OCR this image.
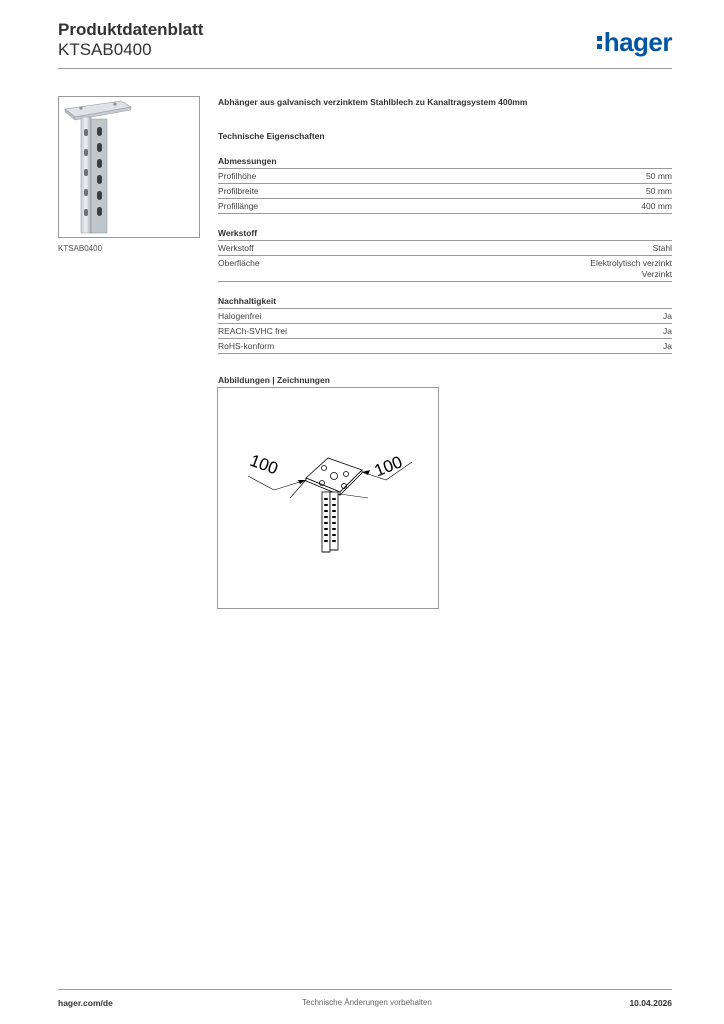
Produktdatenblatt
KTSAB0400	hager
KTSAB0400
Abhänger aus galvanisch verzinktem Stahlblech zu Kanaltragsystem 400mm
Technische Eigenschaften
Abmessungen
Profilhöhe	50 mm
Profilbreite	50 mm
Profillänge	400 mm
Werkstoff
Werkstoff	Stahl
Oberfläche	Elektrolytisch verzinkt
Verzinkt
Nachhaltigkeit
Halogenfrei	Ja
REACh-SVHC frei	Ja
RoHS-konform	Ja
Abbildungen | Zeichnungen
100	100
hager.com/de	Technische Änderungen vorbehalten	10.04.2026
